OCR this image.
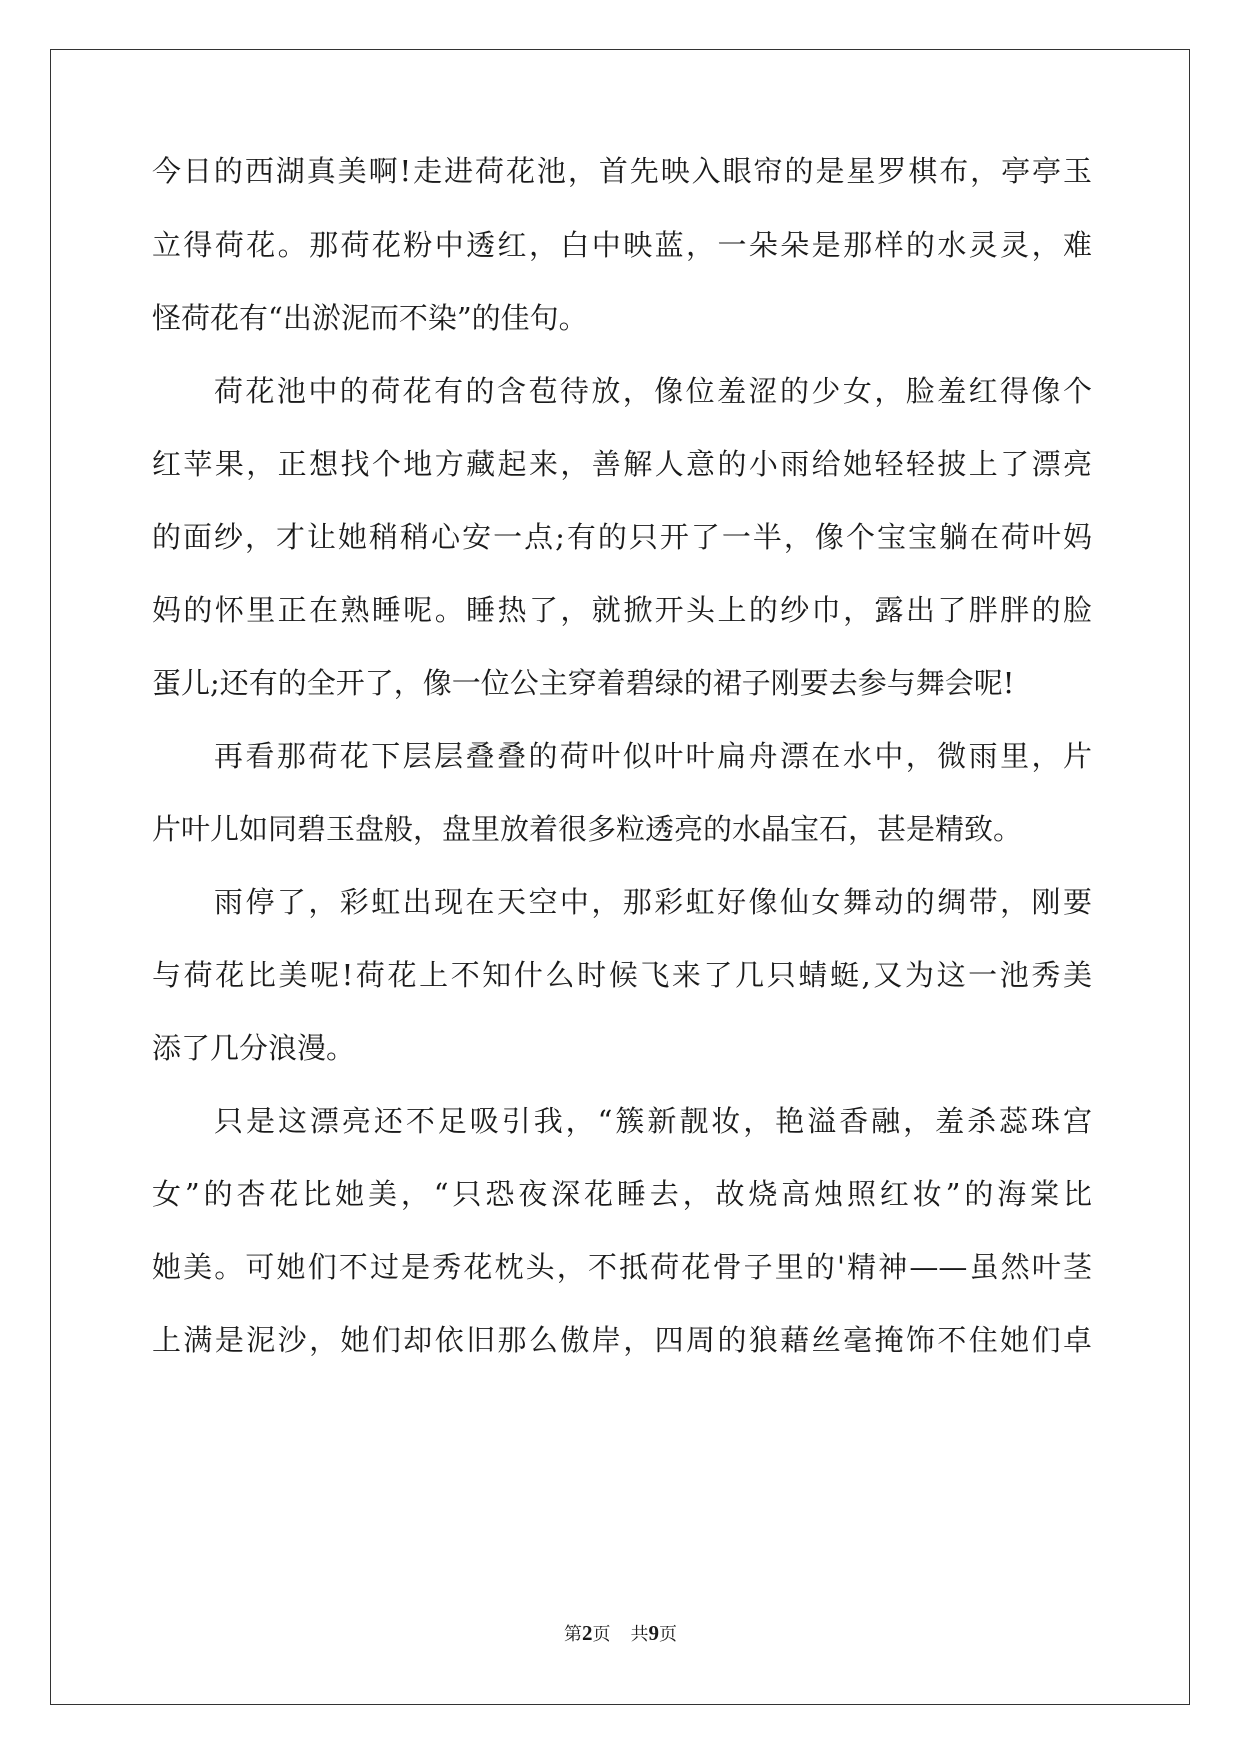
今日的西湖真美啊!走进荷花池，首先映入眼帘的是星罗棋布，亭亭玉
立得荷花。那荷花粉中透红，白中映蓝，一朵朵是那样的水灵灵，难
怪荷花有“出淤泥而不染”的佳句。
荷花池中的荷花有的含苞待放，像位羞涩的少女，脸羞红得像个
红苹果，正想找个地方藏起来，善解人意的小雨给她轻轻披上了漂亮
的面纱，才让她稍稍心安一点;有的只开了一半，像个宝宝躺在荷叶妈
妈的怀里正在熟睡呢。睡热了，就掀开头上的纱巾，露出了胖胖的脸
蛋儿;还有的全开了，像一位公主穿着碧绿的裙子刚要去参与舞会呢!
再看那荷花下层层叠叠的荷叶似叶叶扁舟漂在水中，微雨里，片
片叶儿如同碧玉盘般，盘里放着很多粒透亮的水晶宝石，甚是精致。
雨停了，彩虹出现在天空中，那彩虹好像仙女舞动的绸带，刚要
与荷花比美呢!荷花上不知什么时候飞来了几只蜻蜓,又为这一池秀美
添了几分浪漫。
只是这漂亮还不足吸引我，“簇新靓妆，艳溢香融，羞杀蕊珠宫
女”的杏花比她美，“只恐夜深花睡去，故烧高烛照红妆”的海棠比
她美。可她们不过是秀花枕头，不抵荷花骨子里的'精神——虽然叶茎
上满是泥沙，她们却依旧那么傲岸，四周的狼藉丝毫掩饰不住她们卓
第2页 共9页
